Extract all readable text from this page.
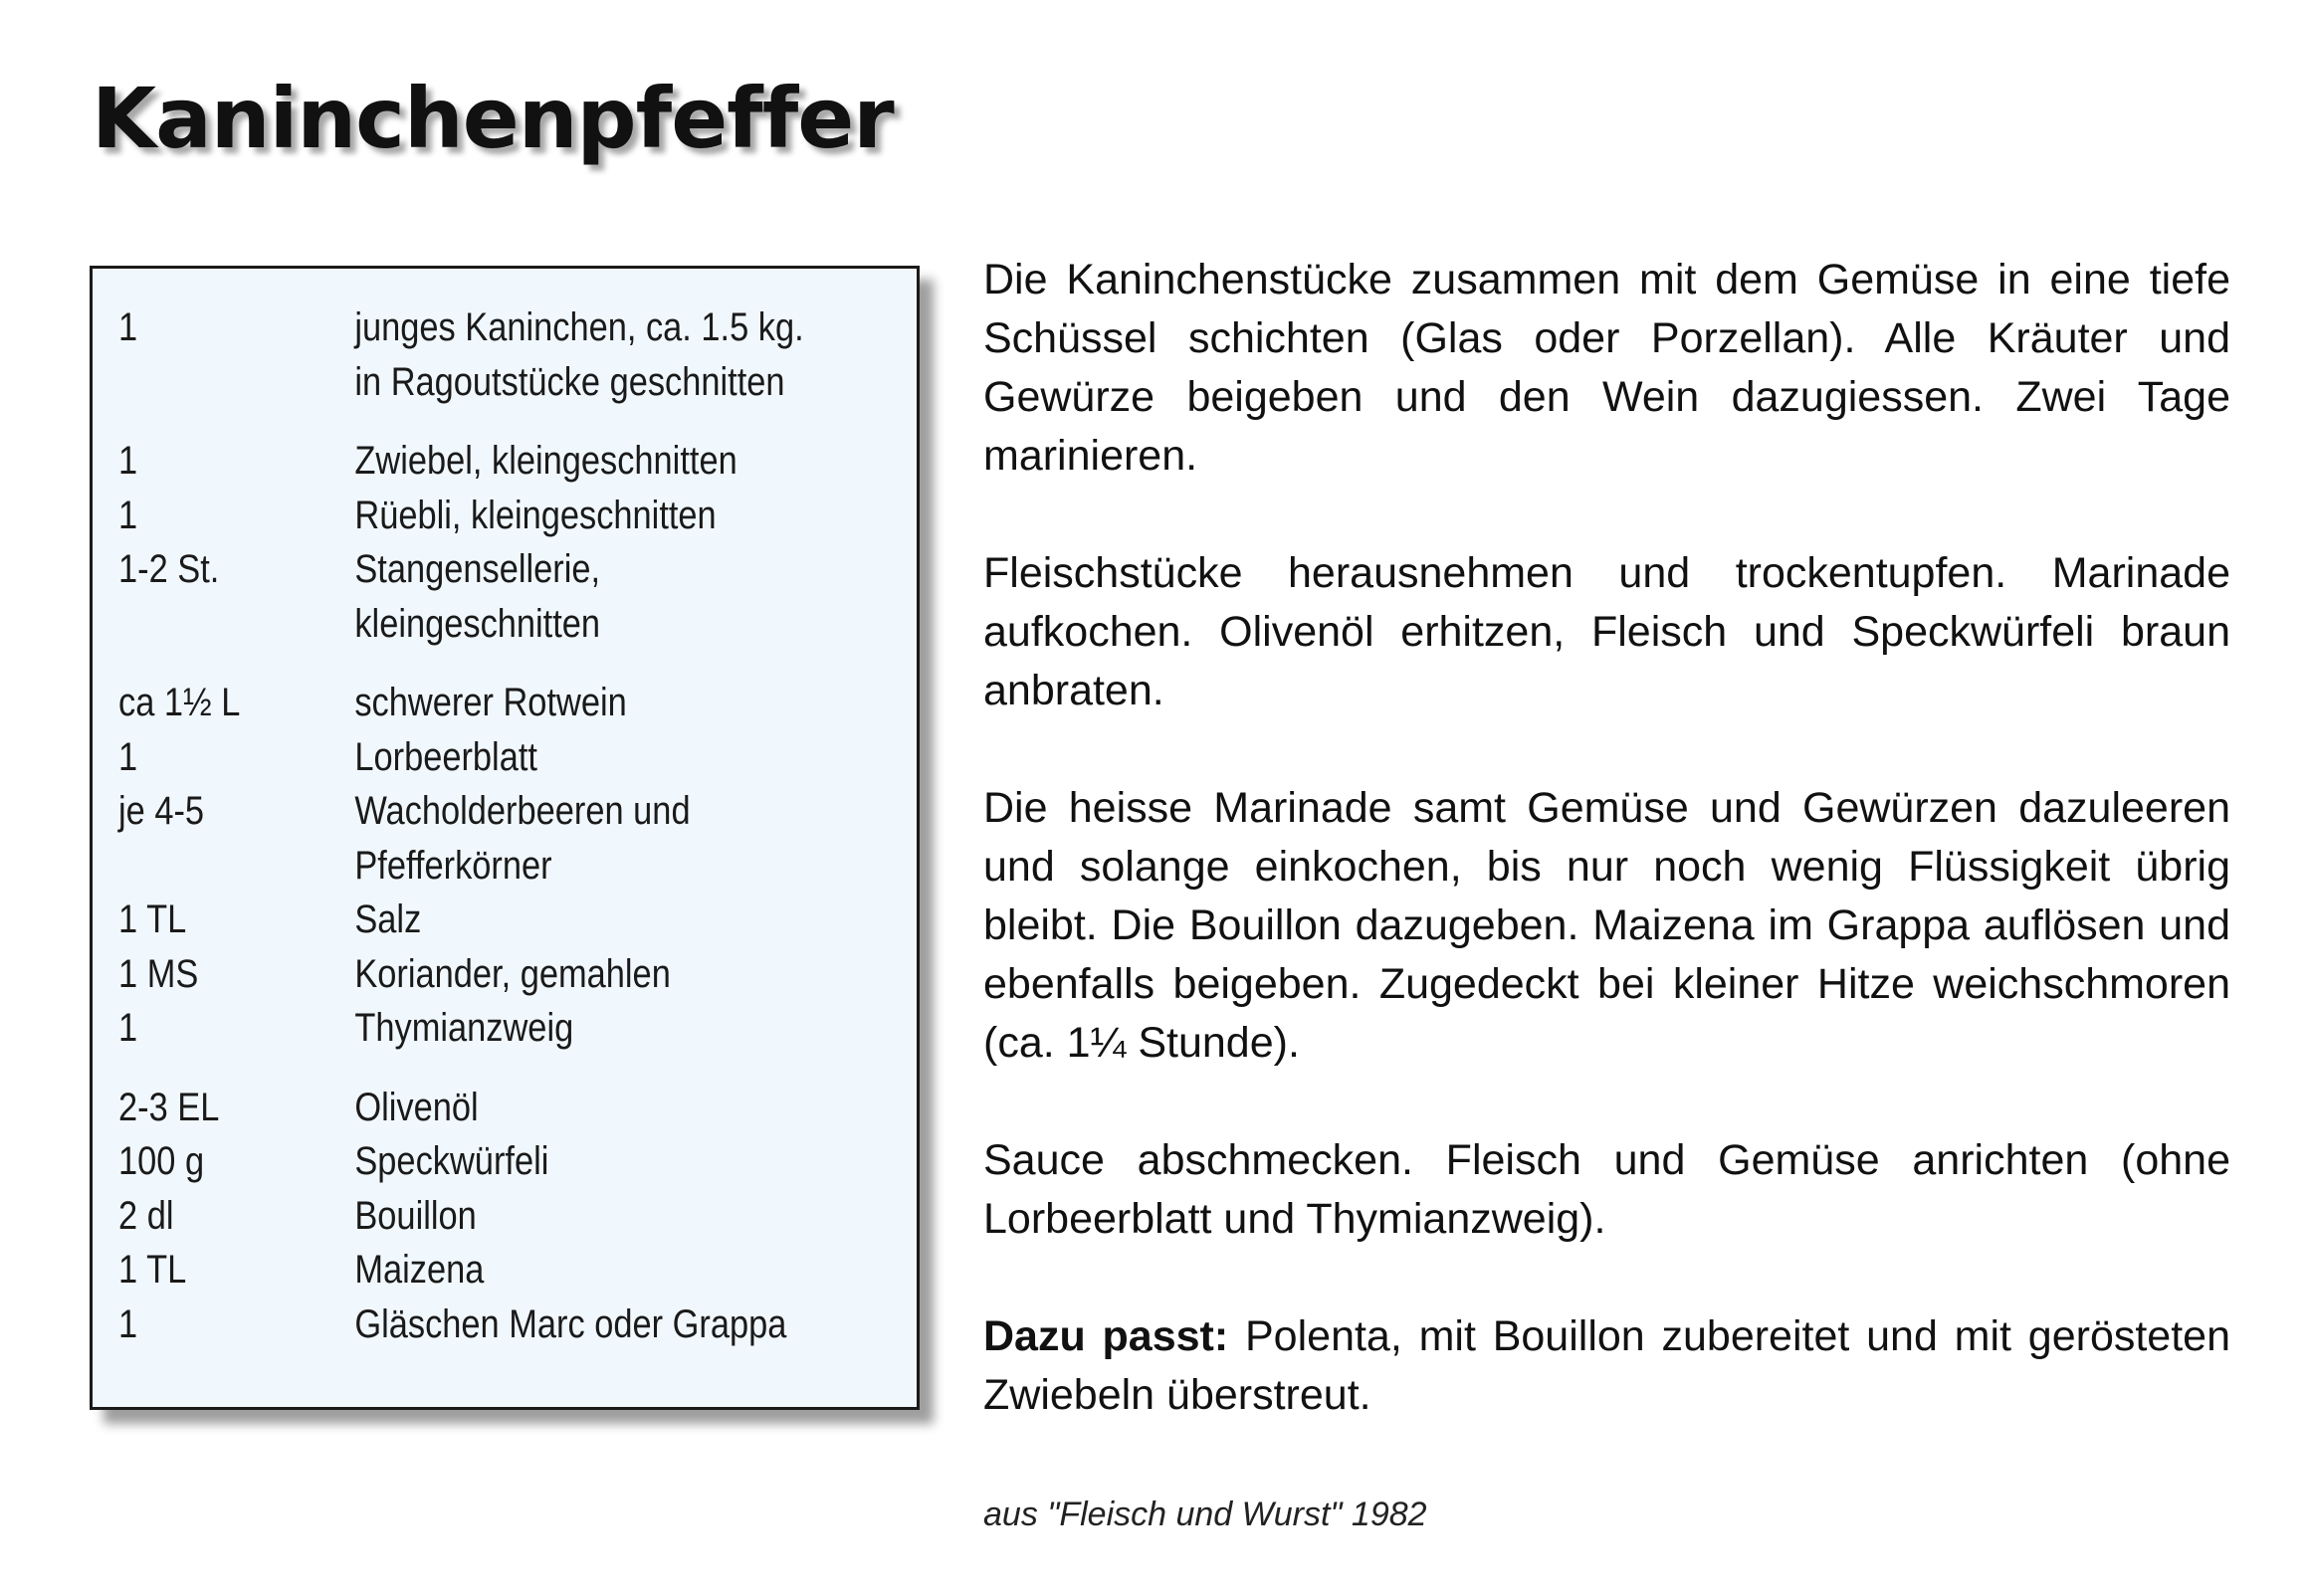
Kaninchenpfeffer
1	junges Kaninchen, ca. 1.5 kg.
in Ragoutstücke geschnitten
1	Zwiebel, kleingeschnitten
1	Rüebli, kleingeschnitten
1-2 St.	Stangensellerie,
kleingeschnitten
ca 1½ L	schwerer Rotwein
1	Lorbeerblatt
je 4-5	Wacholderbeeren und
Pfefferkörner
1 TL	Salz
1 MS	Koriander, gemahlen
1	Thymianzweig
2-3 EL	Olivenöl
100 g	Speckwürfeli
2 dl	Bouillon
1 TL	Maizena
1	Gläschen Marc oder Grappa

Die Kaninchenstücke zusammen mit dem Gemüse in eine tiefe Schüssel schichten (Glas oder Porzellan). Alle Kräuter und Gewürze beigeben und den Wein dazugiessen. Zwei Tage marinieren.

Fleischstücke herausnehmen und trockentupfen. Marinade aufkochen. Olivenöl erhitzen, Fleisch und Speckwürfeli braun anbraten.

Die heisse Marinade samt Gemüse und Gewürzen dazuleeren und solange einkochen, bis nur noch wenig Flüssigkeit übrig bleibt. Die Bouillon dazugeben. Maizena im Grappa auflösen und ebenfalls beigeben. Zugedeckt bei kleiner Hitze weichschmoren (ca. 1¼ Stunde).

Sauce abschmecken. Fleisch und Gemüse anrichten (ohne Lorbeerblatt und Thymianzweig).

Dazu passt: Polenta, mit Bouillon zubereitet und mit gerösteten Zwiebeln überstreut.

aus "Fleisch und Wurst" 1982
